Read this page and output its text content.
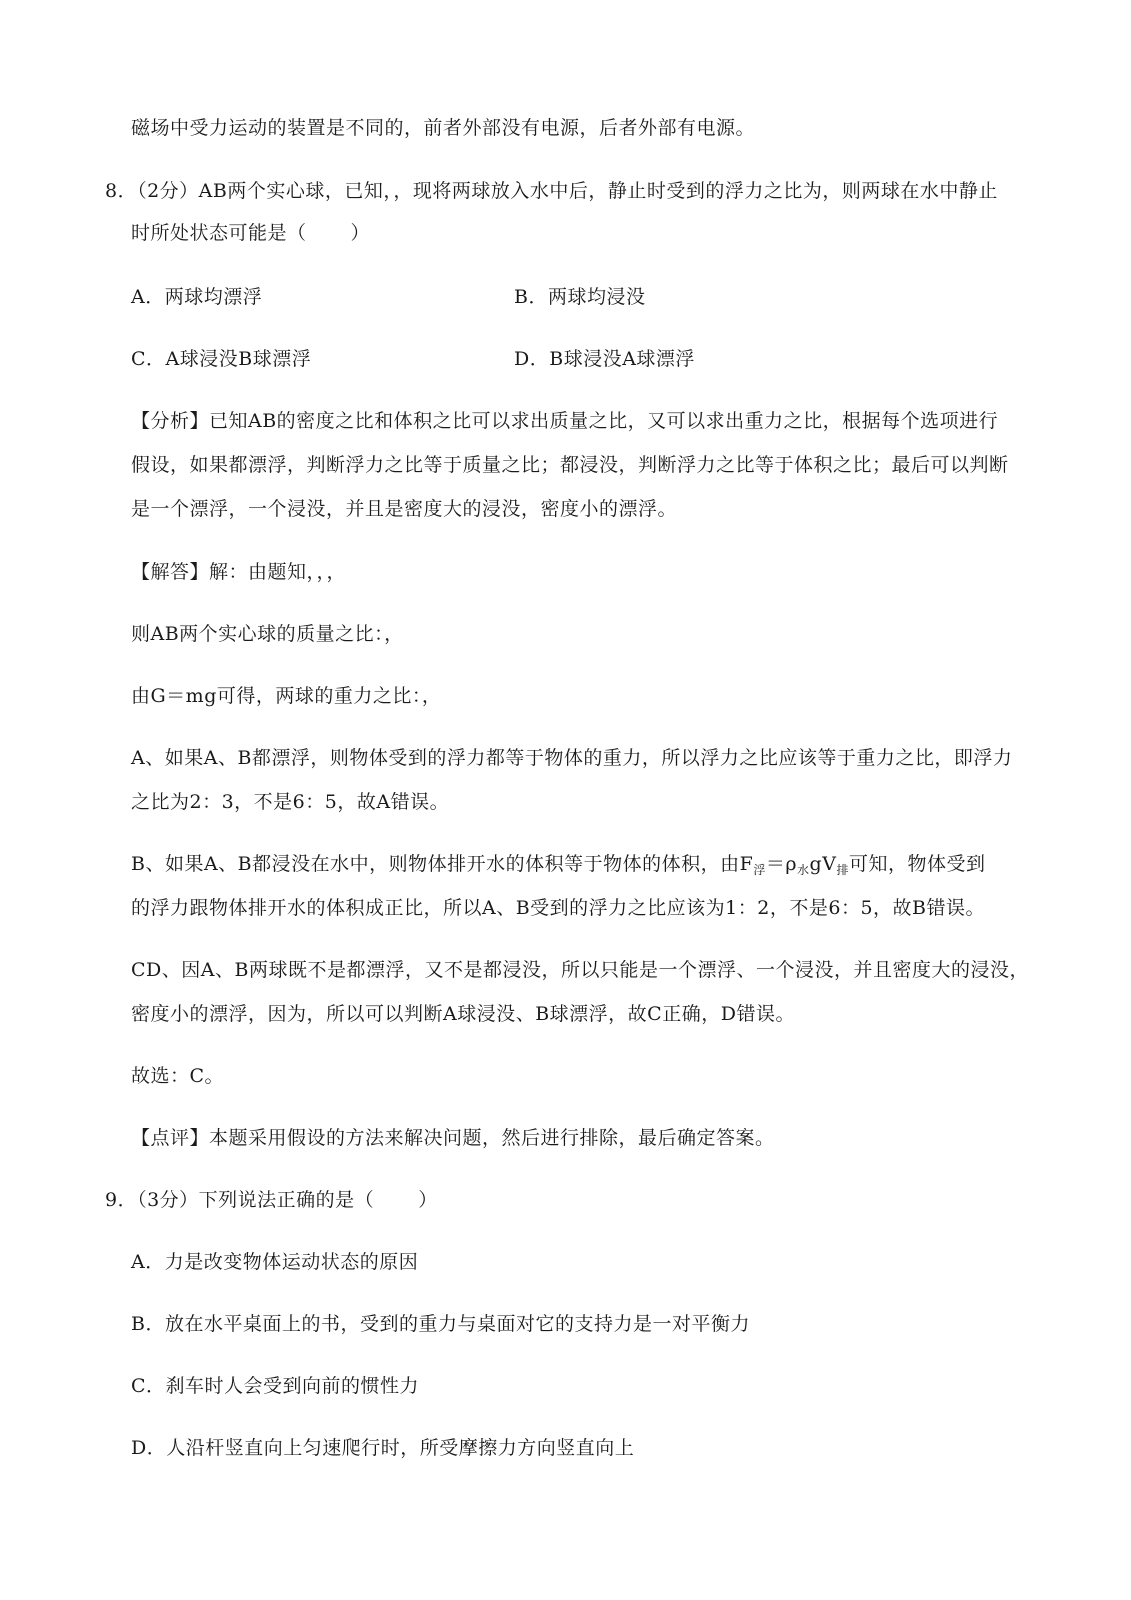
磁场中受力运动的装置是不同的，前者外部没有电源，后者外部有电源。
8．（2分）AB两个实心球，已知，，现将两球放入水中后，静止时受到的浮力之比为，则两球在水中静止
时所处状态可能是（ ）
A．两球均漂浮	B．两球均浸没
C．A球浸没B球漂浮	D．B球浸没A球漂浮
【分析】已知AB的密度之比和体积之比可以求出质量之比，又可以求出重力之比，根据每个选项进行
假设，如果都漂浮，判断浮力之比等于质量之比；都浸没，判断浮力之比等于体积之比；最后可以判断
是一个漂浮，一个浸没，并且是密度大的浸没，密度小的漂浮。
【解答】解：由题知，，，
则AB两个实心球的质量之比：，
由G＝mg可得，两球的重力之比：，
A、如果A、B都漂浮，则物体受到的浮力都等于物体的重力，所以浮力之比应该等于重力之比，即浮力
之比为2：3，不是6：5，故A错误。
B、如果A、B都浸没在水中，则物体排开水的体积等于物体的体积，由$F_浮=\rho_水gV_排$可知，物体受到
的浮力跟物体排开水的体积成正比，所以A、B受到的浮力之比应该为1：2，不是6：5，故B错误。
CD、因A、B两球既不是都漂浮，又不是都浸没，所以只能是一个漂浮、一个浸没，并且密度大的浸没，
密度小的漂浮，因为，所以可以判断A球浸没、B球漂浮，故C正确，D错误。
故选：C。
【点评】本题采用假设的方法来解决问题，然后进行排除，最后确定答案。
9．（3分）下列说法正确的是（ ）
A．力是改变物体运动状态的原因
B．放在水平桌面上的书，受到的重力与桌面对它的支持力是一对平衡力
C．刹车时人会受到向前的惯性力
D．人沿杆竖直向上匀速爬行时，所受摩擦力方向竖直向上
